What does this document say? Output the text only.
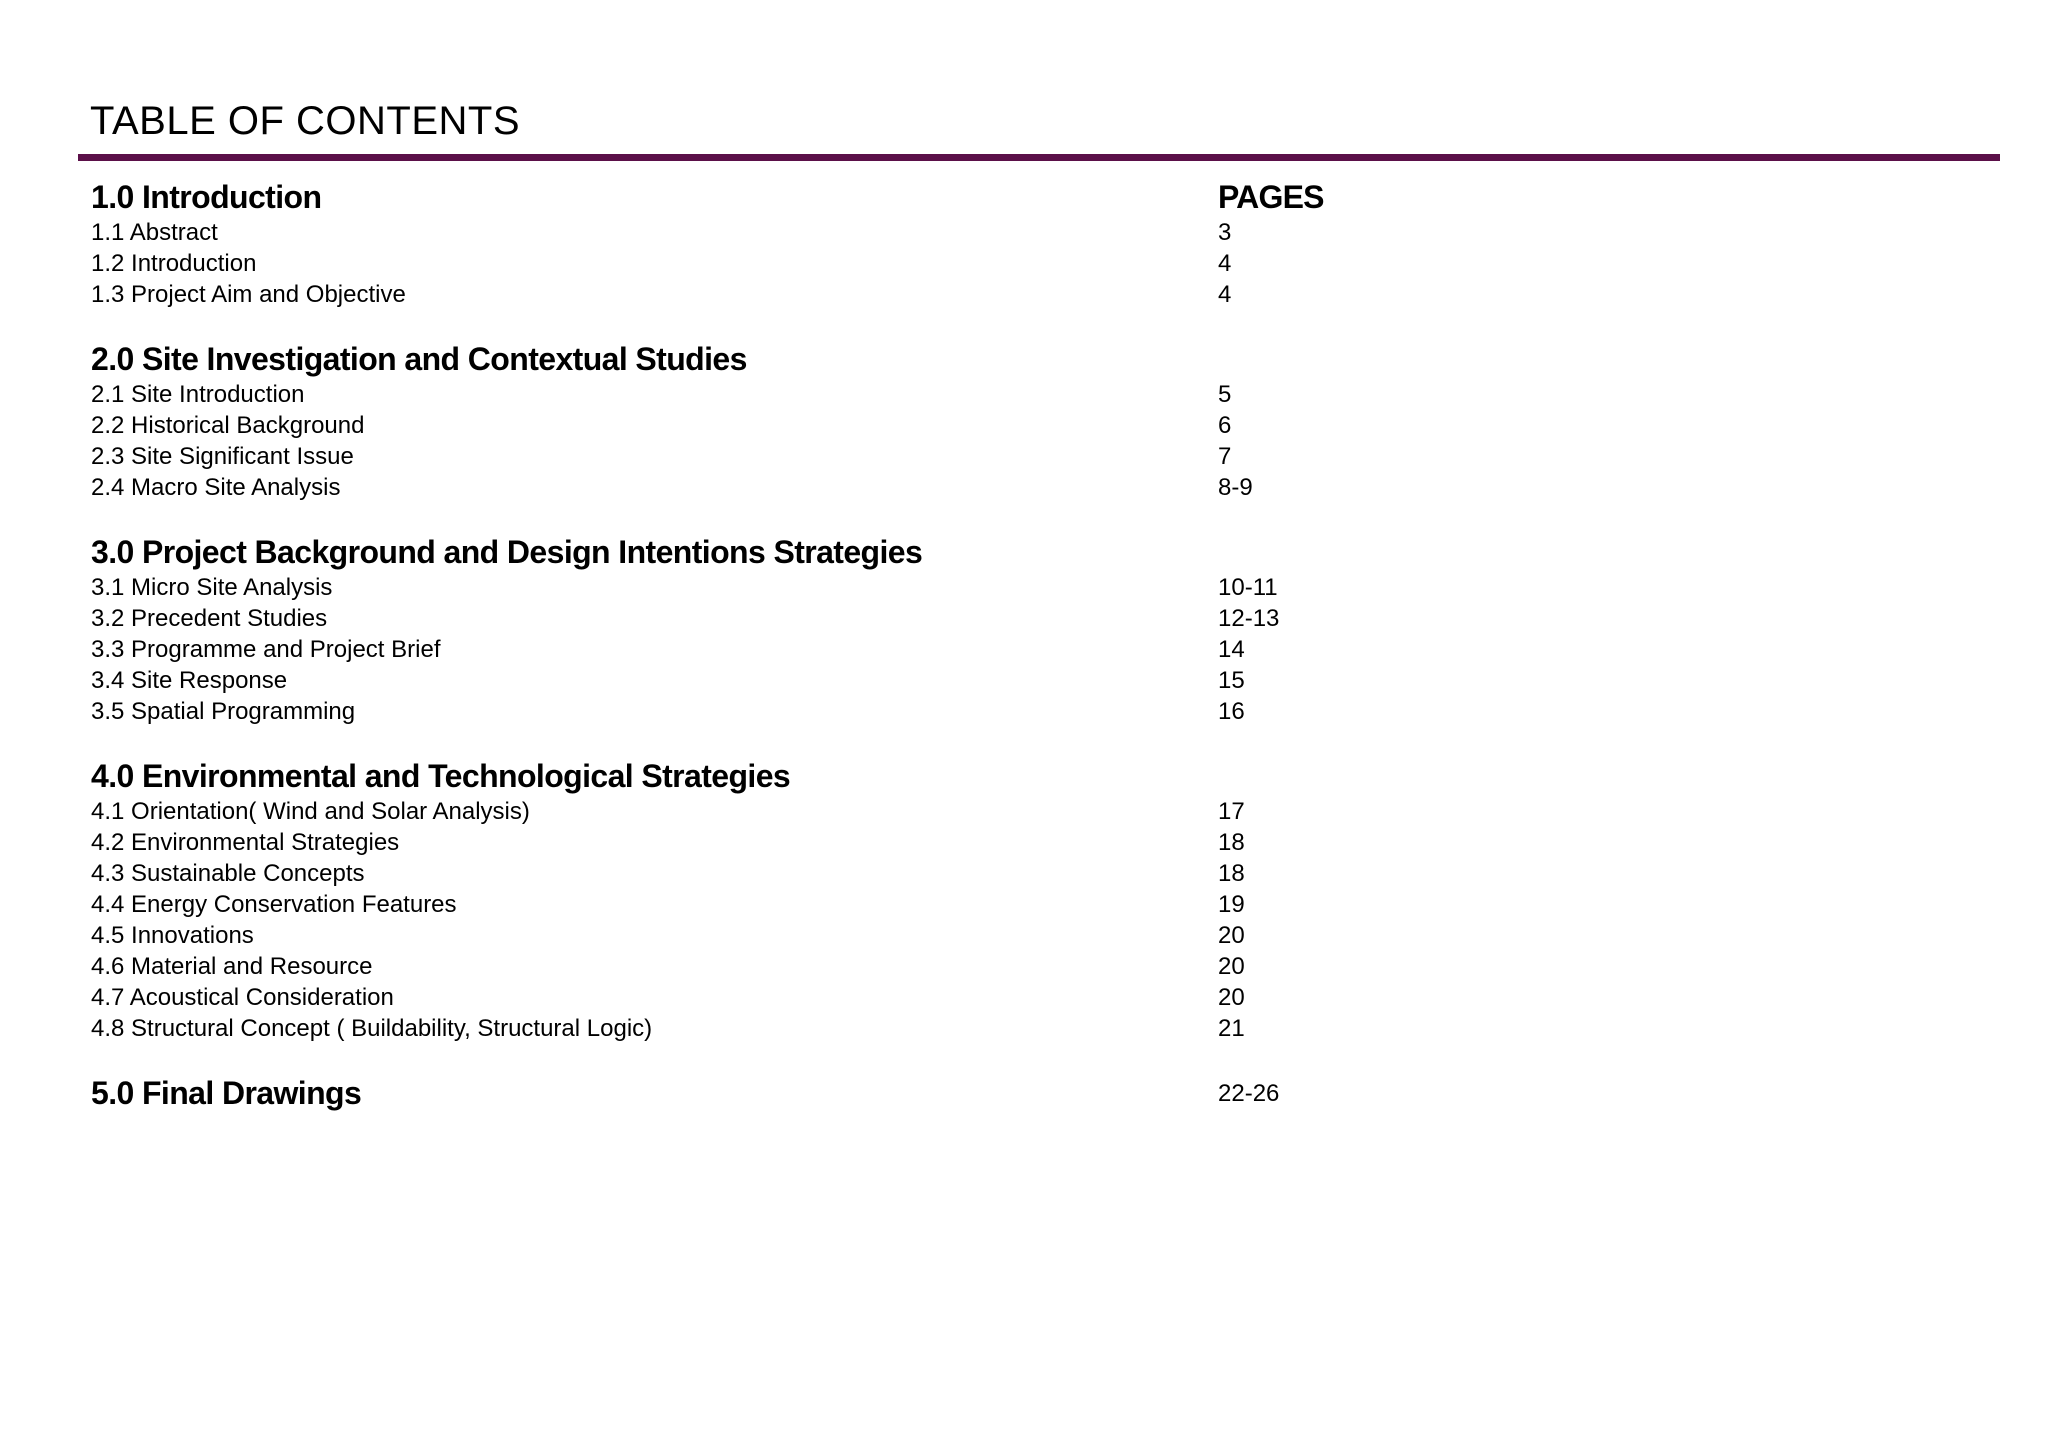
TABLE OF CONTENTS
1.0 Introduction	PAGES
1.1 Abstract	3
1.2 Introduction	4
1.3 Project Aim and Objective	4
2.0 Site Investigation and Contextual Studies
2.1 Site Introduction	5
2.2 Historical Background	6
2.3 Site Significant Issue	7
2.4 Macro Site Analysis	8-9
3.0 Project Background and Design Intentions Strategies
3.1 Micro Site Analysis	10-11
3.2 Precedent Studies	12-13
3.3 Programme and Project Brief	14
3.4 Site Response	15
3.5 Spatial Programming	16
4.0 Environmental and Technological Strategies
4.1 Orientation( Wind and Solar Analysis)	17
4.2 Environmental Strategies	18
4.3 Sustainable Concepts	18
4.4 Energy Conservation Features	19
4.5 Innovations	20
4.6 Material and Resource	20
4.7 Acoustical Consideration	20
4.8 Structural Concept ( Buildability, Structural Logic)	21
5.0 Final Drawings	22-26
